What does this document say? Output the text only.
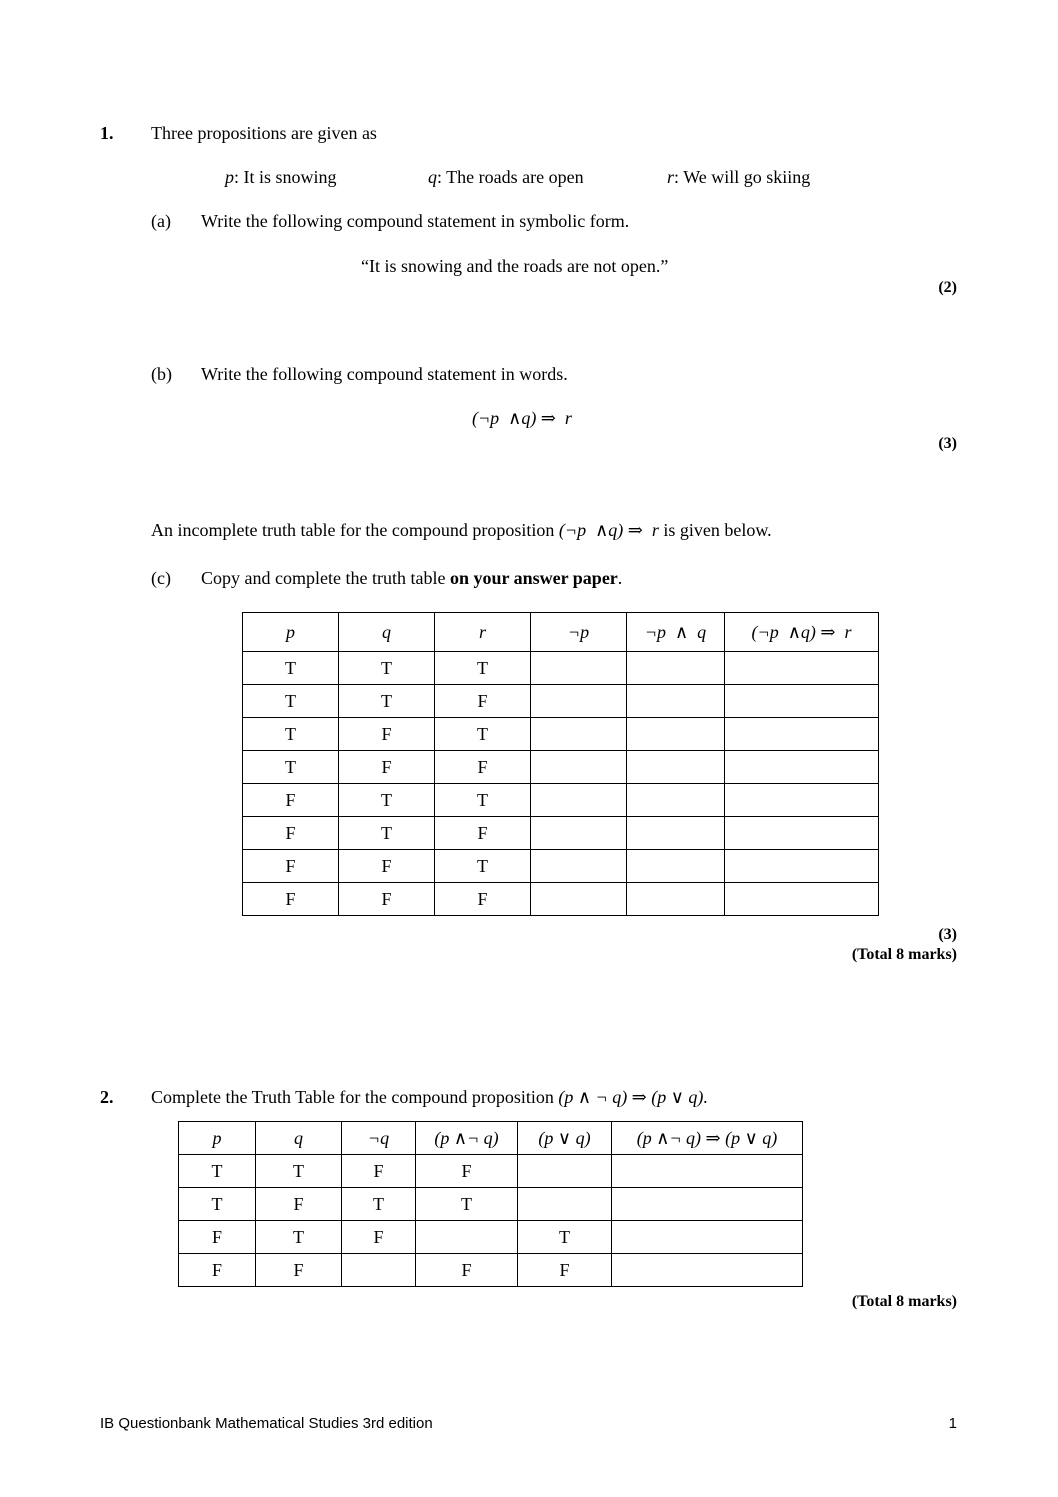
1. Three propositions are given as
p: It is snowing	q: The roads are open	r: We will go skiing
(a) Write the following compound statement in symbolic form.
“It is snowing and the roads are not open.”
(2)
(b) Write the following compound statement in words.
(¬p  ∧q) ⇒  r
(3)
An incomplete truth table for the compound proposition (¬p  ∧q) ⇒  r is given below.
(c) Copy and complete the truth table on your answer paper.
p	q	r	¬p	¬p  ∧  q	(¬p  ∧q) ⇒  r
T	T	T			
T	T	F			
T	F	T			
T	F	F			
F	T	T			
F	T	F			
F	F	T			
F	F	F			
(3)
(Total 8 marks)
2. Complete the Truth Table for the compound proposition (p ∧ ¬ q) ⇒ (p ∨ q).
p	q	¬q	(p ∧¬ q)	(p ∨ q)	(p ∧¬ q) ⇒ (p ∨ q)
T	T	F	F		
T	F	T	T		
F	T	F		T	
F	F		F	F	
(Total 8 marks)
IB Questionbank Mathematical Studies 3rd edition	1
